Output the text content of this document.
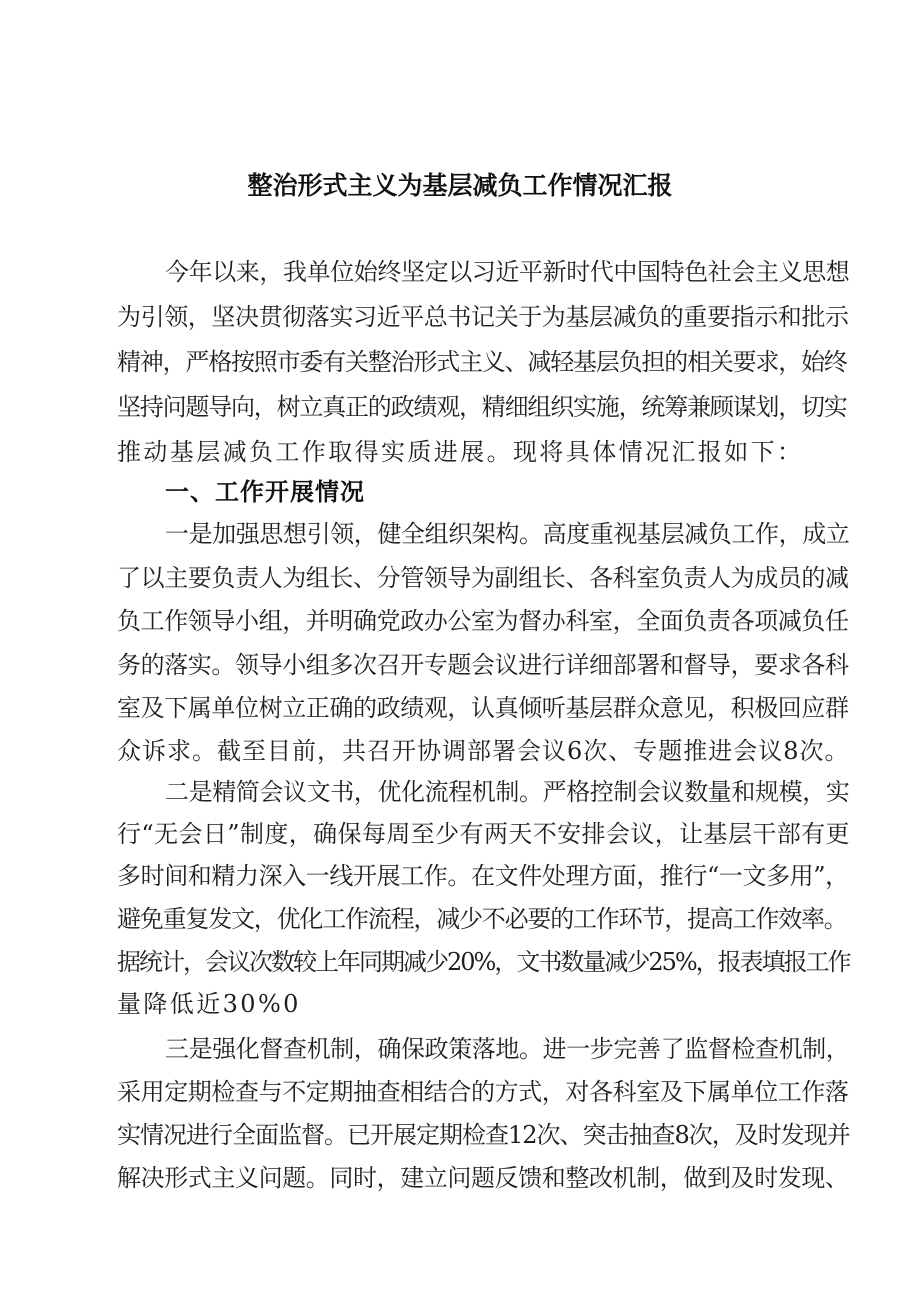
整治形式主义为基层减负工作情况汇报
今年以来，我单位始终坚定以习近平新时代中国特色社会主义思想
为引领，坚决贯彻落实习近平总书记关于为基层减负的重要指示和批示
精神，严格按照市委有关整治形式主义、减轻基层负担的相关要求，始终
坚持问题导向，树立真正的政绩观，精细组织实施，统筹兼顾谋划，切实
推动基层减负工作取得实质进展。现将具体情况汇报如下：
一、工作开展情况
一是加强思想引领，健全组织架构。高度重视基层减负工作，成立
了以主要负责人为组长、分管领导为副组长、各科室负责人为成员的减
负工作领导小组，并明确党政办公室为督办科室，全面负责各项减负任
务的落实。领导小组多次召开专题会议进行详细部署和督导，要求各科
室及下属单位树立正确的政绩观，认真倾听基层群众意见，积极回应群
众诉求。截至目前，共召开协调部署会议6次、专题推进会议8次。
二是精简会议文书，优化流程机制。严格控制会议数量和规模，实
行“无会日”制度，确保每周至少有两天不安排会议，让基层干部有更
多时间和精力深入一线开展工作。在文件处理方面，推行“一文多用”，
避免重复发文，优化工作流程，减少不必要的工作环节，提高工作效率。
据统计，会议次数较上年同期减少20%，文书数量减少25%，报表填报工作
量降低近30%0
三是强化督查机制，确保政策落地。进一步完善了监督检查机制，
采用定期检查与不定期抽查相结合的方式，对各科室及下属单位工作落
实情况进行全面监督。已开展定期检查12次、突击抽查8次，及时发现并
解决形式主义问题。同时，建立问题反馈和整改机制，做到及时发现、
